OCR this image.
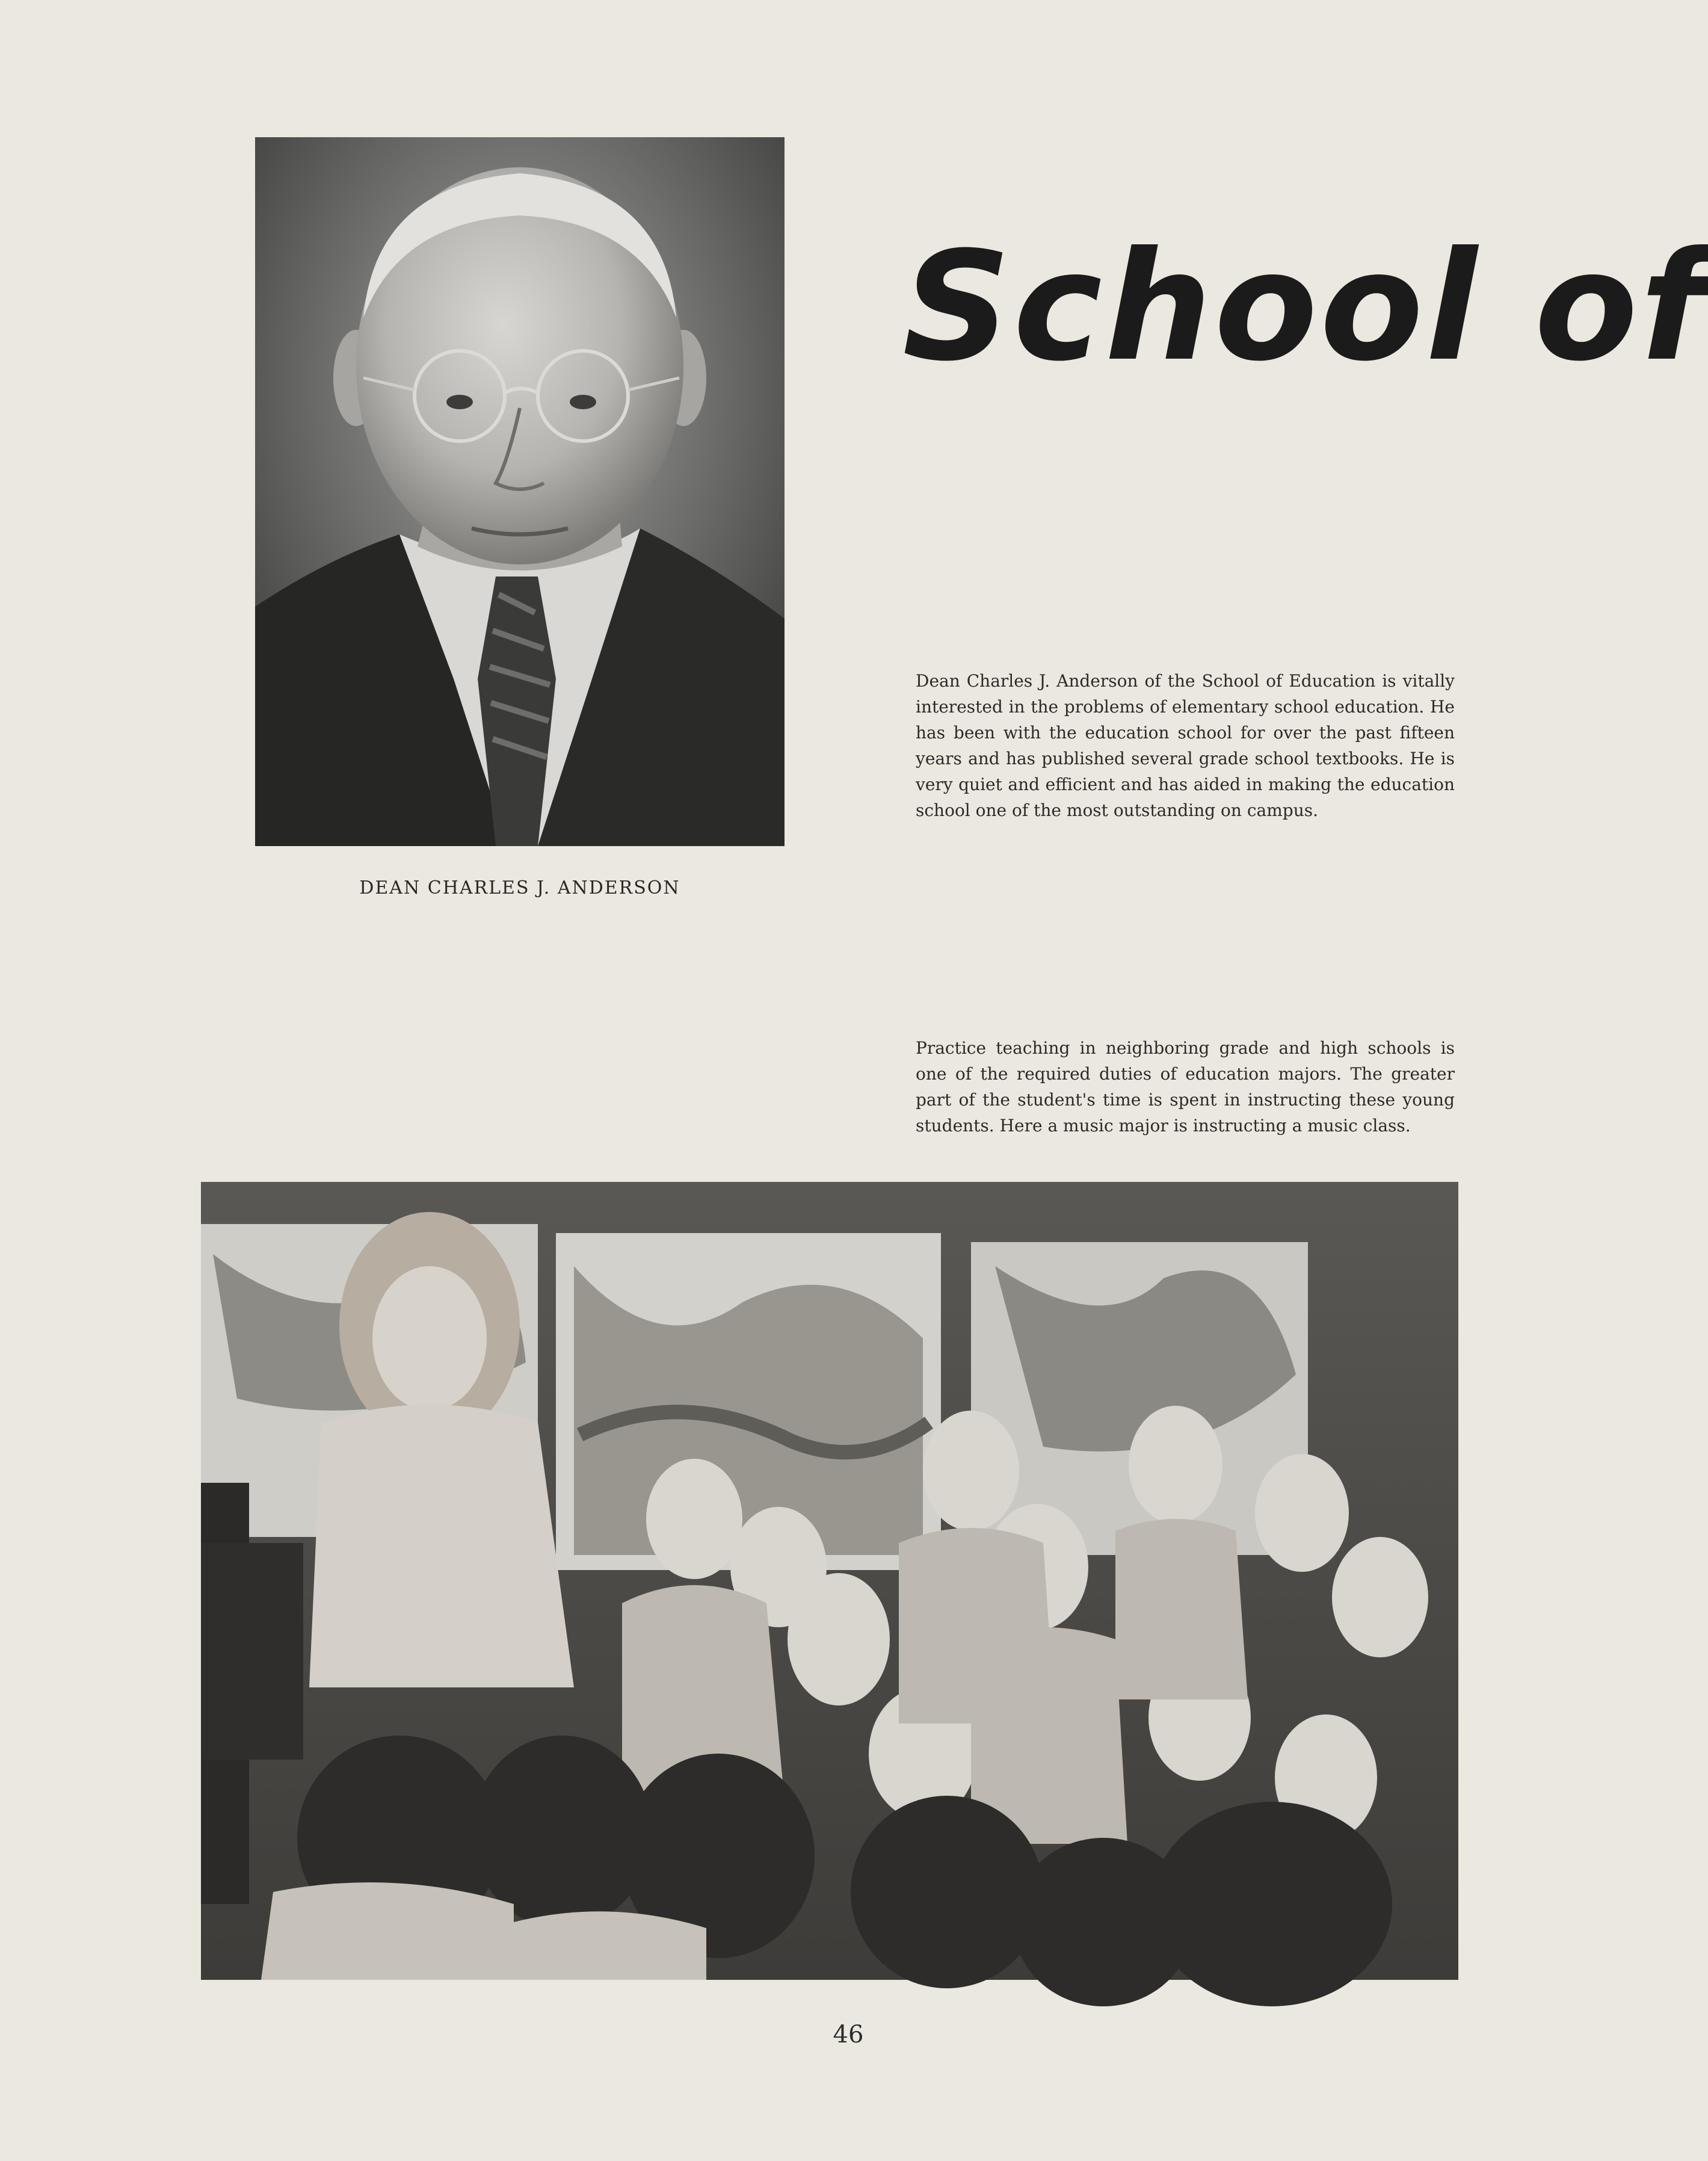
DEAN CHARLES J. ANDERSON
School of
Dean Charles J. Anderson of the School of Education is vitally interested in the problems of elementary school education. He has been with the education school for over the past fifteen years and has published several grade school textbooks. He is very quiet and efficient and has aided in making the education school one of the most outstanding on campus.
Practice teaching in neighboring grade and high schools is one of the required duties of education majors. The greater part of the student's time is spent in instructing these young students. Here a music major is instructing a music class.
46
